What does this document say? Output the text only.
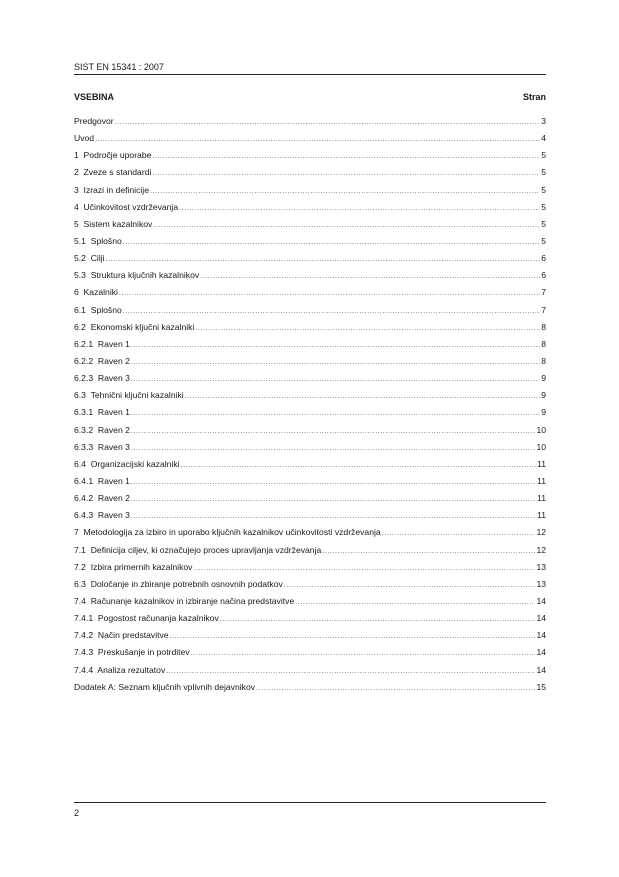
SIST EN 15341 : 2007
VSEBINA	Stran
Predgovor .....	3
Uvod .....	4
1  Področje uporabe .....	5
2  Zveze s standardi .....	5
3  Izrazi in definicije .....	5
4  Učinkovitost vzdrževanja .....	5
5  Sistem kazalnikov .....	5
5.1  Splošno .....	5
5.2  Cilji .....	6
5.3  Struktura ključnih kazalnikov .....	6
6  Kazalniki .....	7
6.1  Splošno .....	7
6.2  Ekonomski ključni kazalniki .....	8
6.2.1  Raven 1 .....	8
6.2.2  Raven 2 .....	8
6.2.3  Raven 3 .....	9
6.3  Tehnični ključni kazalniki .....	9
6.3.1  Raven 1 .....	9
6.3.2  Raven 2 .....	10
6.3.3  Raven 3 .....	10
6.4  Organizacijski kazalniki .....	11
6.4.1  Raven 1 .....	11
6.4.2  Raven 2 .....	11
6.4.3  Raven 3 .....	11
7  Metodologija za izbiro in uporabo ključnih kazalnikov učinkovitosti vzdrževanja .....	12
7.1  Definicija ciljev, ki označujejo proces upravljanja vzdrževanja .....	12
7.2  Izbira primernih kazalnikov .....	13
6.3  Določanje in zbiranje potrebnih osnovnih podatkov .....	13
7.4  Računanje kazalnikov in izbiranje načina predstavitve .....	14
7.4.1  Pogostost računanja kazalnikov .....	14
7.4.2  Način predstavitve .....	14
7.4.3  Preskušanje in potrditev .....	14
7.4.4  Analiza rezultatov .....	14
Dodatek A: Seznam ključnih vplivnih dejavnikov .....	15
2
